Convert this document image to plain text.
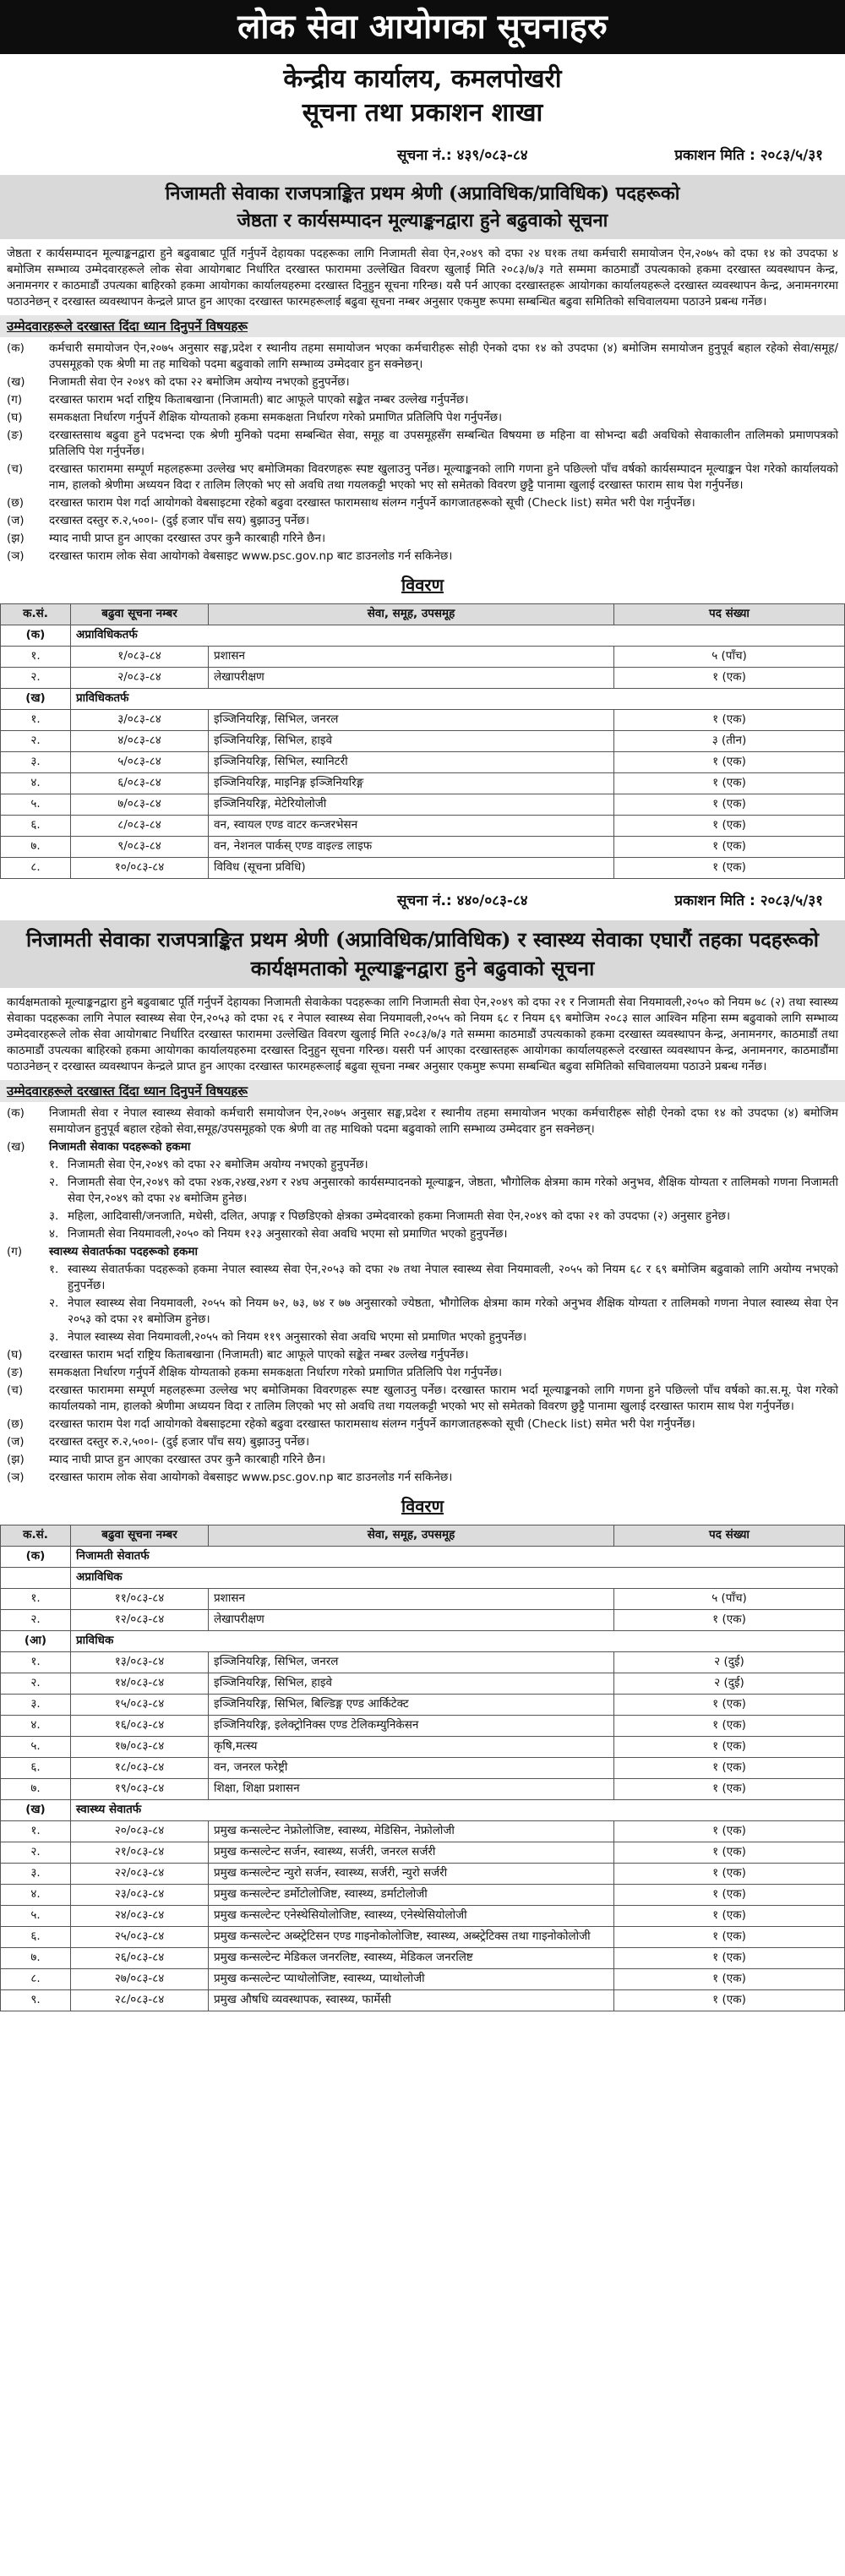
लोक सेवा आयोगका सूचनाहरु
केन्द्रीय कार्यालय, कमलपोखरी
सूचना तथा प्रकाशन शाखा
सूचना नं.: ४३९/०८३-८४	प्रकाशन मिति : २०८३/५/३१
निजामती सेवाका राजपत्राङ्कित प्रथम श्रेणी (अप्राविधिक/प्राविधिक) पदहरूको
जेष्ठता र कार्यसम्पादन मूल्याङ्कनद्वारा हुने बढुवाको सूचना
जेष्ठता र कार्यसम्पादन मूल्याङ्कनद्वारा हुने बढुवाबाट पूर्ति गर्नुपर्ने देहायका पदहरूका लागि निजामती सेवा ऐन,२०४९ को दफा २४ घ१क तथा कर्मचारी समायोजन ऐन,२०७५ को दफा १४ को उपदफा ४ बमोजिम सम्भाव्य उम्मेदवारहरूले लोक सेवा आयोगबाट निर्धारित दरखास्त फाराममा उल्लेखित विवरण खुलाई मिति २०८३/७/३ गते सम्ममा काठमाडौं उपत्यकाको हकमा दरखास्त व्यवस्थापन केन्द्र, अनामनगर र काठमाडौं उपत्यका बाहिरको हकमा आयोगका कार्यालयहरुमा दरखास्त दिनुहुन सूचना गरिन्छ। यसै पर्न आएका दरखास्तहरू आयोगका कार्यालयहरूले दरखास्त व्यवस्थापन केन्द्र, अनामनगरमा पठाउनेछन् र दरखास्त व्यवस्थापन केन्द्रले प्राप्त हुन आएका दरखास्त फारमहरूलाई बढुवा सूचना नम्बर अनुसार एकमुष्ट रूपमा सम्बन्धित बढुवा समितिको सचिवालयमा पठाउने प्रबन्ध गर्नेछ।
उम्मेदवारहरूले दरखास्त दिंदा ध्यान दिनुपर्ने विषयहरू
(क)	कर्मचारी समायोजन ऐन,२०७५ अनुसार सङ्घ,प्रदेश र स्थानीय तहमा समायोजन भएका कर्मचारीहरू सोही ऐनको दफा १४ को उपदफा (४) बमोजिम समायोजन हुनुपूर्व बहाल रहेको सेवा/समूह/उपसमूहको एक श्रेणी मा तह माथिको पदमा बढुवाको लागि सम्भाव्य उम्मेदवार हुन सक्नेछन्।
(ख)	निजामती सेवा ऐन २०४९ को दफा २२ बमोजिम अयोग्य नभएको हुनुपर्नेछ।
(ग)	दरखास्त फाराम भर्दा राष्ट्रिय किताबखाना (निजामती) बाट आफूले पाएको सङ्केत नम्बर उल्लेख गर्नुपर्नेछ।
(घ)	समकक्षता निर्धारण गर्नुपर्ने शैक्षिक योग्यताको हकमा समकक्षता निर्धारण गरेको प्रमाणित प्रतिलिपि पेश गर्नुपर्नेछ।
(ङ)	दरखास्तसाथ बढुवा हुने पदभन्दा एक श्रेणी मुनिको पदमा सम्बन्धित सेवा, समूह वा उपसमूहसँग सम्बन्धित विषयमा छ महिना वा सोभन्दा बढी अवधिको सेवाकालीन तालिमको प्रमाणपत्रको प्रतिलिपि पेश गर्नुपर्नेछ।
(च)	दरखास्त फाराममा सम्पूर्ण महलहरूमा उल्लेख भए बमोजिमका विवरणहरू स्पष्ट खुलाउनु पर्नेछ। मूल्याङ्कनको लागि गणना हुने पछिल्लो पाँच वर्षको कार्यसम्पादन मूल्याङ्कन पेश गरेको कार्यालयको नाम, हालको श्रेणीमा अध्ययन विदा र तालिम लिएको भए सो अवधि तथा गयलकट्टी भएको भए सो समेतको विवरण छुट्टै पानामा खुलाई दरखास्त फाराम साथ पेश गर्नुपर्नेछ।
(छ)	दरखास्त फाराम पेश गर्दा आयोगको वेबसाइटमा रहेको बढुवा दरखास्त फारामसाथ संलग्न गर्नुपर्ने कागजातहरूको सूची (Check list) समेत भरी पेश गर्नुपर्नेछ।
(ज)	दरखास्त दस्तुर रु.२,५००।- (दुई हजार पाँच सय) बुझाउनु पर्नेछ।
(झ)	म्याद नाघी प्राप्त हुन आएका दरखास्त उपर कुनै कारबाही गरिने छैन।
(ञ)	दरखास्त फाराम लोक सेवा आयोगको वेबसाइट www.psc.gov.np बाट डाउनलोड गर्न सकिनेछ।
विवरण
क.सं.	बढुवा सूचना नम्बर	सेवा, समूह, उपसमूह	पद संख्या
(क)	अप्राविधिकतर्फ		
१.	१/०८३-८४	प्रशासन	५ (पाँच)
२.	२/०८३-८४	लेखापरीक्षण	१ (एक)
(ख)	प्राविधिकतर्फ		
१.	३/०८३-८४	इञ्जिनियरिङ्ग, सिभिल, जनरल	१ (एक)
२.	४/०८३-८४	इञ्जिनियरिङ्ग, सिभिल, हाइवे	३ (तीन)
३.	५/०८३-८४	इञ्जिनियरिङ्ग, सिभिल, स्यानिटरी	१ (एक)
४.	६/०८३-८४	इञ्जिनियरिङ्ग, माइनिङ्ग इञ्जिनियरिङ्ग	१ (एक)
५.	७/०८३-८४	इञ्जिनियरिङ्ग, मेटेरियोलोजी	१ (एक)
६.	८/०८३-८४	वन, स्वायल एण्ड वाटर कन्जरभेसन	१ (एक)
७.	९/०८३-८४	वन, नेशनल पार्कस् एण्ड वाइल्ड लाइफ	१ (एक)
८.	१०/०८३-८४	विविध (सूचना प्रविधि)	१ (एक)
सूचना नं.: ४४०/०८३-८४	प्रकाशन मिति : २०८३/५/३१
निजामती सेवाका राजपत्राङ्कित प्रथम श्रेणी (अप्राविधिक/प्राविधिक) र स्वास्थ्य सेवाका एघारौं तहका पदहरूको
कार्यक्षमताको मूल्याङ्कनद्वारा हुने बढुवाको सूचना
कार्यक्षमताको मूल्याङ्कनद्वारा हुने बढुवाबाट पूर्ति गर्नुपर्ने देहायका निजामती सेवाकेका पदहरूका लागि निजामती सेवा ऐन,२०४९ को दफा २१ र निजामती सेवा नियमावली,२०५० को नियम ७८ (२) तथा स्वास्थ्य सेवाका पदहरूका लागि नेपाल स्वास्थ्य सेवा ऐन,२०५३ को दफा २६ र नेपाल स्वास्थ्य सेवा नियमावली,२०५५ को नियम ६८ र नियम ६९ बमोजिम २०८३ साल आश्विन महिना सम्म बढुवाको लागि सम्भाव्य उम्मेदवारहरूले लोक सेवा आयोगबाट निर्धारित दरखास्त फाराममा उल्लेखित विवरण खुलाई मिति २०८३/७/३ गते सम्ममा काठमाडौं उपत्यकाको हकमा दरखास्त व्यवस्थापन केन्द्र, अनामनगर, काठमाडौं तथा काठमाडौं उपत्यका बाहिरको हकमा आयोगका कार्यालयहरुमा दरखास्त दिनुहुन सूचना गरिन्छ। यसरी पर्न आएका दरखास्तहरू आयोगका कार्यालयहरूले दरखास्त व्यवस्थापन केन्द्र, अनामनगर, काठमाडौंमा पठाउनेछन् र दरखास्त व्यवस्थापन केन्द्रले प्राप्त हुन आएका दरखास्त फारमहरूलाई बढुवा सूचना नम्बर अनुसार एकमुष्ट रूपमा सम्बन्धित बढुवा समितिको सचिवालयमा पठाउने प्रबन्ध गर्नेछ।
उम्मेदवारहरूले दरखास्त दिंदा ध्यान दिनुपर्ने विषयहरू
(क)	निजामती सेवा र नेपाल स्वास्थ्य सेवाको कर्मचारी समायोजन ऐन,२०७५ अनुसार सङ्घ,प्रदेश र स्थानीय तहमा समायोजन भएका कर्मचारीहरू सोही ऐनको दफा १४ को उपदफा (४) बमोजिम समायोजन हुनुपूर्व बहाल रहेको सेवा,समूह/उपसमूहको एक श्रेणी वा तह माथिको पदमा बढुवाको लागि सम्भाव्य उम्मेदवार हुन सक्नेछन्।
(ख)	निजामती सेवाका पदहरूको हकमा
१. निजामती सेवा ऐन,२०४९ को दफा २२ बमोजिम अयोग्य नभएको हुनुपर्नेछ।
२. निजामती सेवा ऐन,२०४९ को दफा २४क,२४ख,२४ग र २४घ अनुसारको कार्यसम्पादनको मूल्याङ्कन, जेष्ठता, भौगोलिक क्षेत्रमा काम गरेको अनुभव, शैक्षिक योग्यता र तालिमको गणना निजामती सेवा ऐन,२०४९ को दफा २४ बमोजिम हुनेछ।
३. महिला, आदिवासी/जनजाति, मधेसी, दलित, अपाङ्ग र पिछडिएको क्षेत्रका उम्मेदवारको हकमा निजामती सेवा ऐन,२०४९ को दफा २१ को उपदफा (२) अनुसार हुनेछ।
४. निजामती सेवा नियमावली,२०५० को नियम १२३ अनुसारको सेवा अवधि भएमा सो प्रमाणित भएको हुनुपर्नेछ।
(ग)	स्वास्थ्य सेवातर्फका पदहरूको हकमा
१. स्वास्थ्य सेवातर्फका पदहरूको हकमा नेपाल स्वास्थ्य सेवा ऐन,२०५३ को दफा २७ तथा नेपाल स्वास्थ्य सेवा नियमावली, २०५५ को नियम ६८ र ६९ बमोजिम बढुवाको लागि अयोग्य नभएको हुनुपर्नेछ।
२. नेपाल स्वास्थ्य सेवा नियमावली, २०५५ को नियम ७२, ७३, ७४ र ७७ अनुसारको ज्येष्ठता, भौगोलिक क्षेत्रमा काम गरेको अनुभव शैक्षिक योग्यता र तालिमको गणना नेपाल स्वास्थ्य सेवा ऐन २०५३ को दफा २१ बमोजिम हुनेछ।
३. नेपाल स्वास्थ्य सेवा नियमावली,२०५५ को नियम ११९ अनुसारको सेवा अवधि भएमा सो प्रमाणित भएको हुनुपर्नेछ।
(घ)	दरखास्त फाराम भर्दा राष्ट्रिय किताबखाना (निजामती) बाट आफूले पाएको सङ्केत नम्बर उल्लेख गर्नुपर्नेछ।
(ङ)	समकक्षता निर्धारण गर्नुपर्ने शैक्षिक योग्यताको हकमा समकक्षता निर्धारण गरेको प्रमाणित प्रतिलिपि पेश गर्नुपर्नेछ।
(च)	दरखास्त फाराममा सम्पूर्ण महलहरूमा उल्लेख भए बमोजिमका विवरणहरू स्पष्ट खुलाउनु पर्नेछ। दरखास्त फाराम भर्दा मूल्याङ्कनको लागि गणना हुने पछिल्लो पाँच वर्षको का.स.मू. पेश गरेको कार्यालयको नाम, हालको श्रेणीमा अध्ययन विदा र तालिम लिएको भए सो अवधि तथा गयलकट्टी भएको भए सो समेतको विवरण छुट्टै पानामा खुलाई दरखास्त फाराम साथ पेश गर्नुपर्नेछ।
(छ)	दरखास्त फाराम पेश गर्दा आयोगको वेबसाइटमा रहेको बढुवा दरखास्त फारामसाथ संलग्न गर्नुपर्ने कागजातहरूको सूची (Check list) समेत भरी पेश गर्नुपर्नेछ।
(ज)	दरखास्त दस्तुर रु.२,५००।- (दुई हजार पाँच सय) बुझाउनु पर्नेछ।
(झ)	म्याद नाघी प्राप्त हुन आएका दरखास्त उपर कुनै कारबाही गरिने छैन।
(ञ)	दरखास्त फाराम लोक सेवा आयोगको वेबसाइट www.psc.gov.np बाट डाउनलोड गर्न सकिनेछ।
विवरण
क.सं.	बढुवा सूचना नम्बर	सेवा, समूह, उपसमूह	पद संख्या
(क)	निजामती सेवातर्फ		
	अप्राविधिक		
१.	११/०८३-८४	प्रशासन	५ (पाँच)
२.	१२/०८३-८४	लेखापरीक्षण	१ (एक)
(आ)	प्राविधिक		
१.	१३/०८३-८४	इञ्जिनियरिङ्ग, सिभिल, जनरल	२ (दुई)
२.	१४/०८३-८४	इञ्जिनियरिङ्ग, सिभिल, हाइवे	२ (दुई)
३.	१५/०८३-८४	इञ्जिनियरिङ्ग, सिभिल, बिल्डिङ्ग एण्ड आर्किटेक्ट	१ (एक)
४.	१६/०८३-८४	इञ्जिनियरिङ्ग, इलेक्ट्रोनिक्स एण्ड टेलिकम्युनिकेसन	१ (एक)
५.	१७/०८३-८४	कृषि,मत्स्य	१ (एक)
६.	१८/०८३-८४	वन, जनरल फरेष्ट्री	१ (एक)
७.	१९/०८३-८४	शिक्षा, शिक्षा प्रशासन	१ (एक)
(ख)	स्वास्थ्य सेवातर्फ		
१.	२०/०८३-८४	प्रमुख कन्सल्टेन्ट नेफ्रोलोजिष्ट, स्वास्थ्य, मेडिसिन, नेफ्रोलोजी	१ (एक)
२.	२१/०८३-८४	प्रमुख कन्सल्टेन्ट सर्जन, स्वास्थ्य, सर्जरी, जनरल सर्जरी	१ (एक)
३.	२२/०८३-८४	प्रमुख कन्सल्टेन्ट न्युरो सर्जन, स्वास्थ्य, सर्जरी, न्युरो सर्जरी	१ (एक)
४.	२३/०८३-८४	प्रमुख कन्सल्टेन्ट डर्मोटोलोजिष्ट, स्वास्थ्य, डर्माटोलोजी	१ (एक)
५.	२४/०८३-८४	प्रमुख कन्सल्टेन्ट एनेस्थेसियोलोजिष्ट, स्वास्थ्य, एनेस्थेसियोलोजी	१ (एक)
६.	२५/०८३-८४	प्रमुख कन्सल्टेन्ट अब्स्ट्रेटिसन एण्ड गाइनोकोलोजिष्ट, स्वास्थ्य, अब्स्ट्रेटिक्स तथा गाइनोकोलोजी	१ (एक)
७.	२६/०८३-८४	प्रमुख कन्सल्टेन्ट मेडिकल जनरलिष्ट, स्वास्थ्य, मेडिकल जनरलिष्ट	१ (एक)
८.	२७/०८३-८४	प्रमुख कन्सल्टेन्ट प्याथोलोजिष्ट, स्वास्थ्य, प्याथोलोजी	१ (एक)
९.	२८/०८३-८४	प्रमुख औषधि व्यवस्थापक, स्वास्थ्य, फार्मेसी	१ (एक)
